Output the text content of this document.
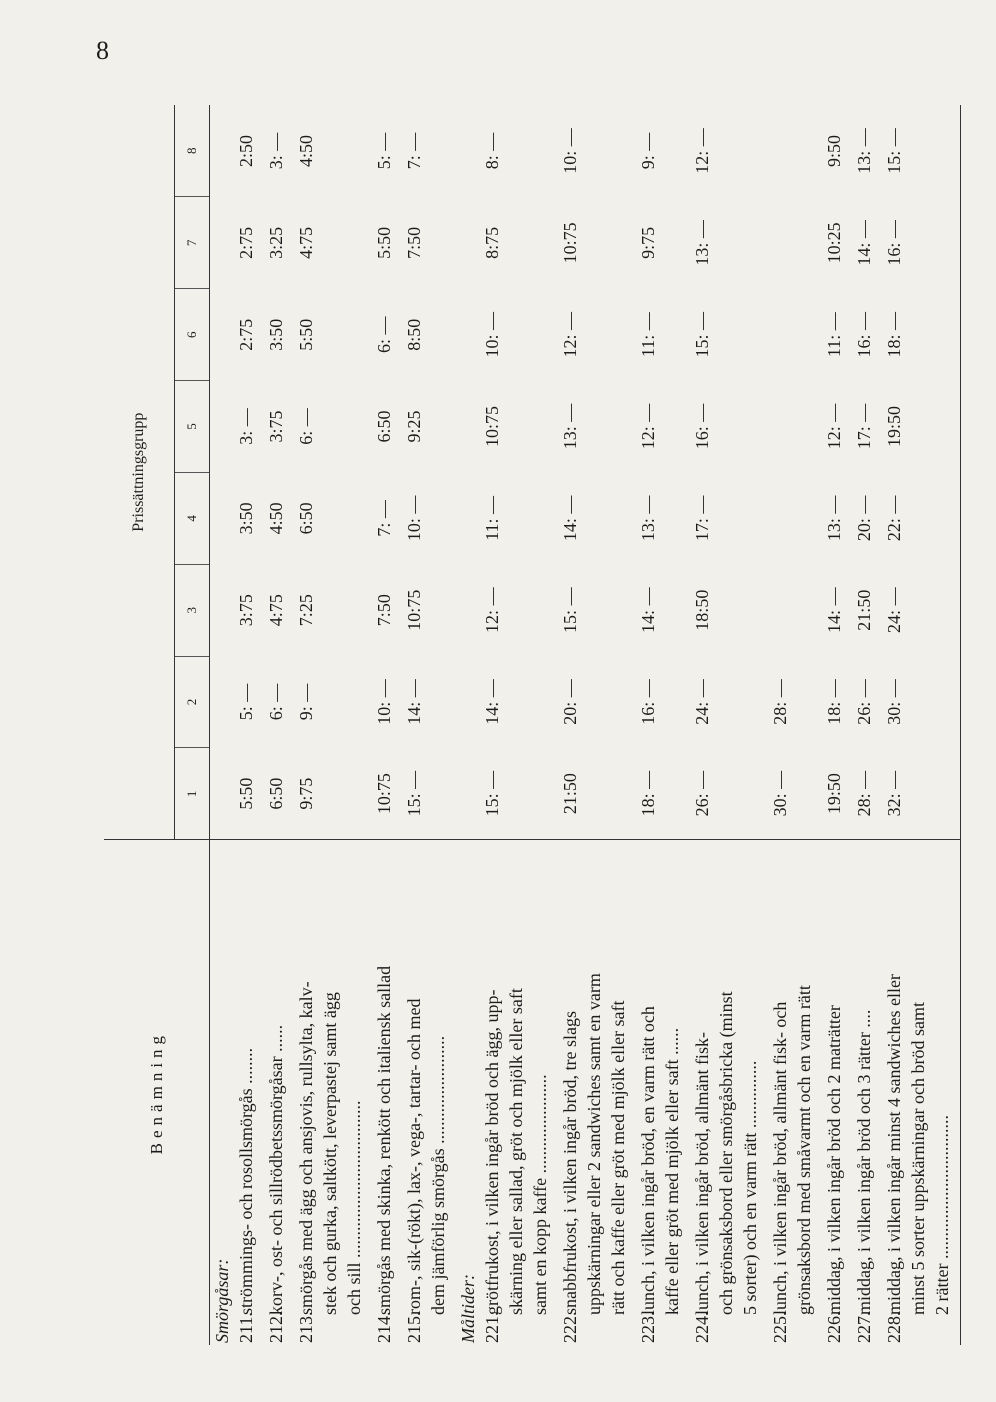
8
Benämning	Prissättningsgrupp							
	1	2	3	4	5	6	7	8
Smörgåsar:								

211.strömmings- och rosollsmörgås ........	5:50	5: —	3:75	3:50	3: —	2:75	2:75	2:50

212.korv-, ost- och sillrödbetssmörgåsar ......	6:50	6: —	4:75	4:50	3:75	3:50	3:25	3: —

213.smörgås med ägg och ansjovis, rullsylta, kalv- stek och gurka, saltkött, leverpastej samt ägg och sill ...................................	9:75	9: —	7:25	6:50	6: —	5:50	4:75	4:50

214.smörgås med skinka, renkött och italiensk sallad	10:75	10: —	7:50	7: —	6:50	6: —	5:50	5: —

215.rom-, sik-(rökt), lax-, vega-, tartar- och med dem jämförlig smörgås ........................	15: —	14: —	10:75	10: —	9:25	8:50	7:50	7: —
Måltider:								

221.grötfrukost, i vilken ingår bröd och ägg, upp- skärning eller sallad, gröt och mjölk eller saft samt en kopp kaffe ......................	15: —	14: —	12: —	11: —	10:75	10: —	8:75	8: —

222.snabbfrukost, i vilken ingår bröd, tre slags uppskärningar eller 2 sandwiches samt en varm rätt och kaffe eller gröt med mjölk eller saft	21:50	20: —	15: —	14: —	13: —	12: —	10:75	10: —

223.lunch, i vilken ingår bröd, en varm rätt och kaffe eller gröt med mjölk eller saft ......	18: —	16: —	14: —	13: —	12: —	11: —	9:75	9: —

224.lunch, i vilken ingår bröd, allmänt fisk- och grönsaksbord eller smörgåsbricka (minst 5 sorter) och en varm rätt ...............	26: —	24: —	18:50	17: —	16: —	15: —	13: —	12: —

225.lunch, i vilken ingår bröd, allmänt fisk- och grönsaksbord med småvarmt och en varm rätt	30: —	28: —						

226.middag, i vilken ingår bröd och 2 maträtter	19:50	18: —	14: —	13: —	12: —	11: —	10:25	9:50

227.middag, i vilken ingår bröd och 3 rätter ....	28: —	26: —	21:50	20: —	17: —	16: —	14: —	13: —

228.middag, i vilken ingår minst 4 sandwiches eller minst 5 sorter uppskärningar och bröd samt 2 rätter ................................	32: —	30: —	24: —	22: —	19:50	18: —	16: —	15: —
